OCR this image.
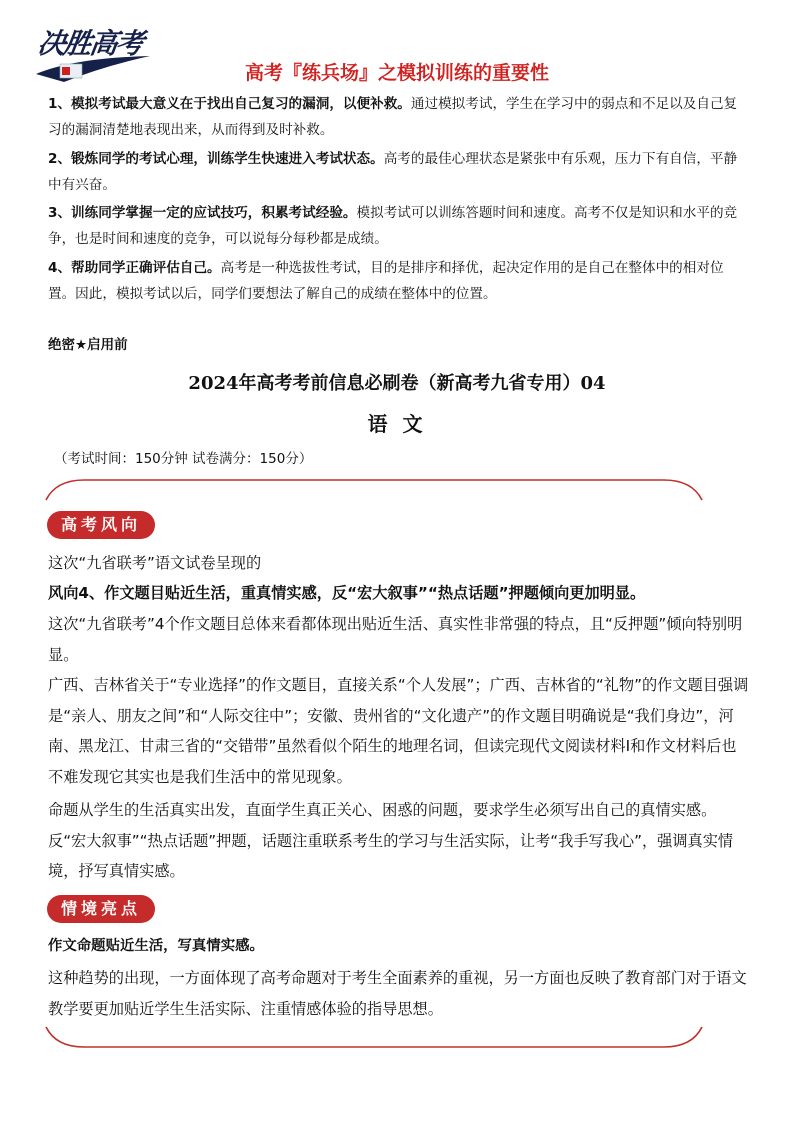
决胜高考
高考『练兵场』之模拟训练的重要性
1、模拟考试最大意义在于找出自己复习的漏洞，以便补救。通过模拟考试，学生在学习中的弱点和不足以及自己复习的漏洞清楚地表现出来，从而得到及时补救。
2、锻炼同学的考试心理，训练学生快速进入考试状态。高考的最佳心理状态是紧张中有乐观，压力下有自信，平静中有兴奋。
3、训练同学掌握一定的应试技巧，积累考试经验。模拟考试可以训练答题时间和速度。高考不仅是知识和水平的竞争，也是时间和速度的竞争，可以说每分每秒都是成绩。
4、帮助同学正确评估自己。高考是一种选拔性考试，目的是排序和择优，起决定作用的是自己在整体中的相对位置。因此，模拟考试以后，同学们要想法了解自己的成绩在整体中的位置。
绝密★启用前
2024年高考考前信息必刷卷（新高考九省专用）04
语 文
（考试时间：150分钟 试卷满分：150分）
高考风向
这次“九省联考”语文试卷呈现的
风向4、作文题目贴近生活，重真情实感，反“宏大叙事”“热点话题”押题倾向更加明显。
这次“九省联考”4个作文题目总体来看都体现出贴近生活、真实性非常强的特点，且“反押题”倾向特别明显。
广西、吉林省关于“专业选择”的作文题目，直接关系“个人发展”；广西、吉林省的“礼物”的作文题目强调是“亲人、朋友之间”和“人际交往中”；安徽、贵州省的“文化遗产”的作文题目明确说是“我们身边”，河南、黑龙江、甘肃三省的“交错带”虽然看似个陌生的地理名词，但读完现代文阅读材料Ⅰ和作文材料后也不难发现它其实也是我们生活中的常见现象。
命题从学生的生活真实出发，直面学生真正关心、困惑的问题，要求学生必须写出自己的真情实感。反“宏大叙事”“热点话题”押题，话题注重联系考生的学习与生活实际，让考“我手写我心”，强调真实情境，抒写真情实感。
情境亮点
作文命题贴近生活，写真情实感。
这种趋势的出现，一方面体现了高考命题对于考生全面素养的重视，另一方面也反映了教育部门对于语文教学要更加贴近学生生活实际、注重情感体验的指导思想。
